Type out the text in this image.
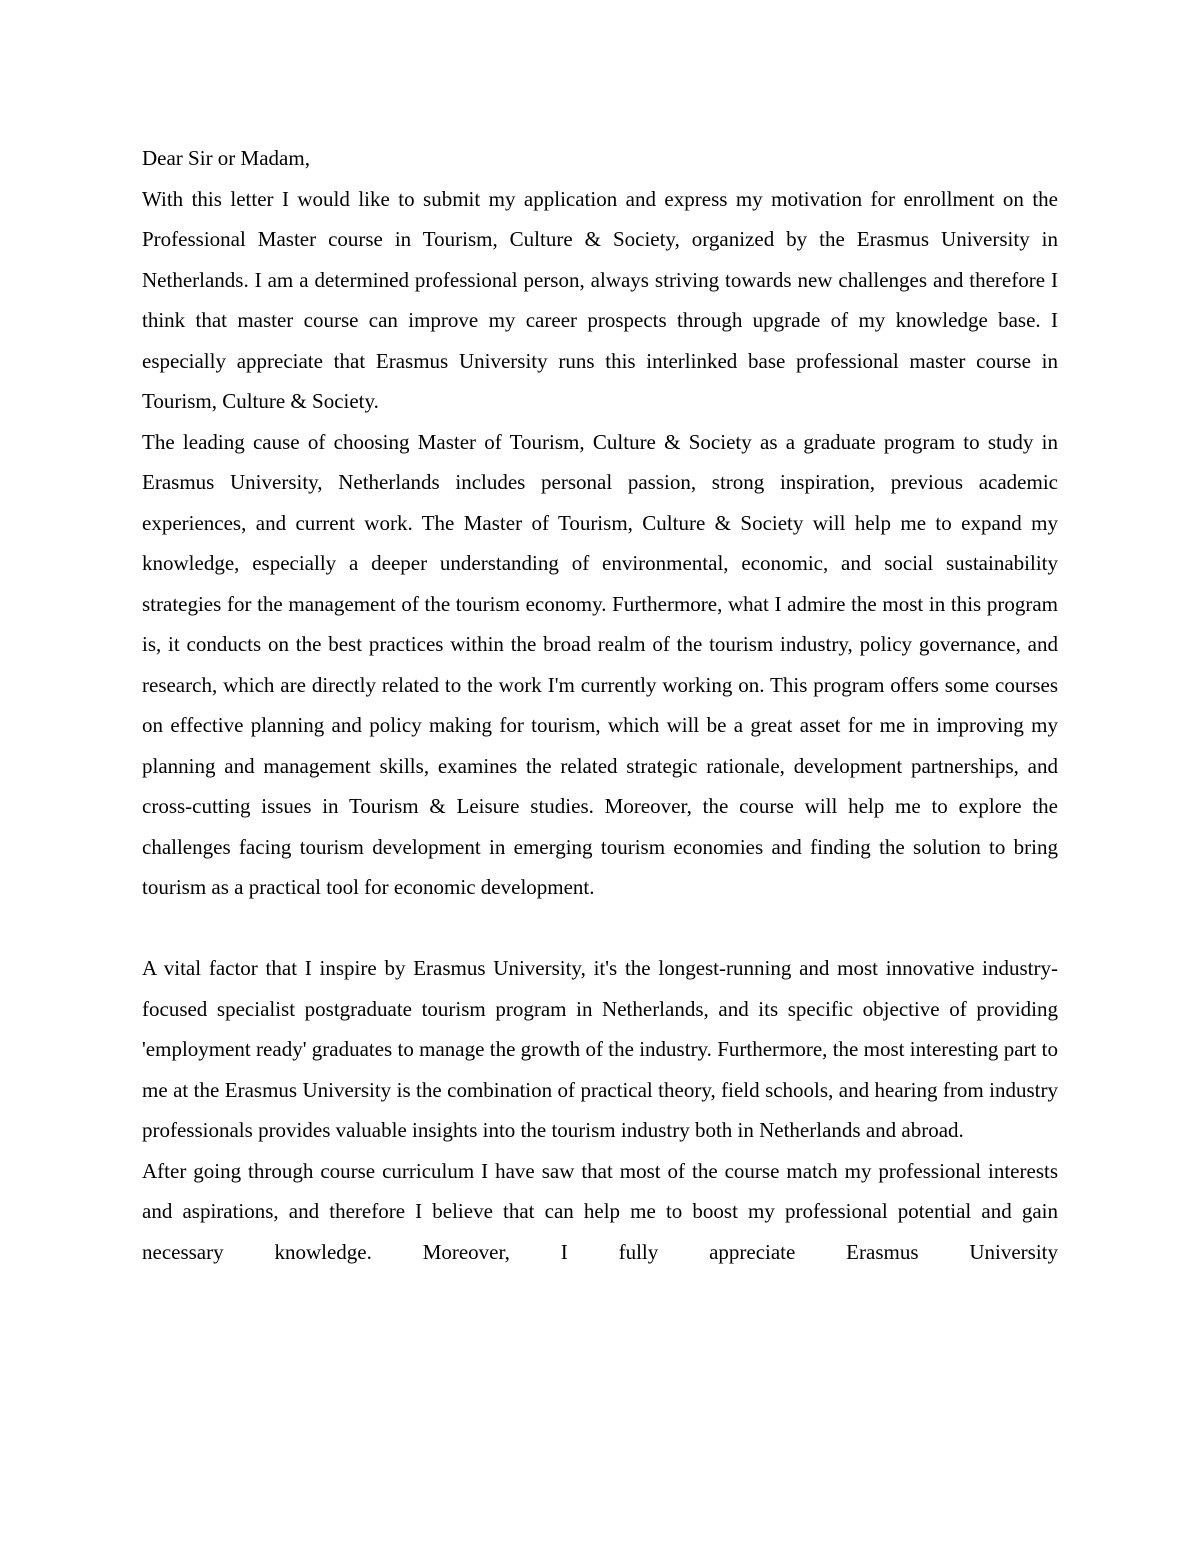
Dear Sir or Madam,

With this letter I would like to submit my application and express my motivation for enrollment on the Professional Master course in Tourism, Culture & Society, organized by the Erasmus University in Netherlands. I am a determined professional person, always striving towards new challenges and therefore I think that master course can improve my career prospects through upgrade of my knowledge base. I especially appreciate that Erasmus University runs this interlinked base professional master course in Tourism, Culture & Society.

The leading cause of choosing Master of Tourism, Culture & Society as a graduate program to study in Erasmus University, Netherlands includes personal passion, strong inspiration, previous academic experiences, and current work. The Master of Tourism, Culture & Society will help me to expand my knowledge, especially a deeper understanding of environmental, economic, and social sustainability strategies for the management of the tourism economy. Furthermore, what I admire the most in this program is, it conducts on the best practices within the broad realm of the tourism industry, policy governance, and research, which are directly related to the work I'm currently working on. This program offers some courses on effective planning and policy making for tourism, which will be a great asset for me in improving my planning and management skills, examines the related strategic rationale, development partnerships, and cross-cutting issues in Tourism & Leisure studies. Moreover, the course will help me to explore the challenges facing tourism development in emerging tourism economies and finding the solution to bring tourism as a practical tool for economic development.

A vital factor that I inspire by Erasmus University, it's the longest-running and most innovative industry-focused specialist postgraduate tourism program in Netherlands, and its specific objective of providing 'employment ready' graduates to manage the growth of the industry. Furthermore, the most interesting part to me at the Erasmus University is the combination of practical theory, field schools, and hearing from industry professionals provides valuable insights into the tourism industry both in Netherlands and abroad.

After going through course curriculum I have saw that most of the course match my professional interests and aspirations, and therefore I believe that can help me to boost my professional potential and gain necessary knowledge. Moreover, I fully appreciate Erasmus University
